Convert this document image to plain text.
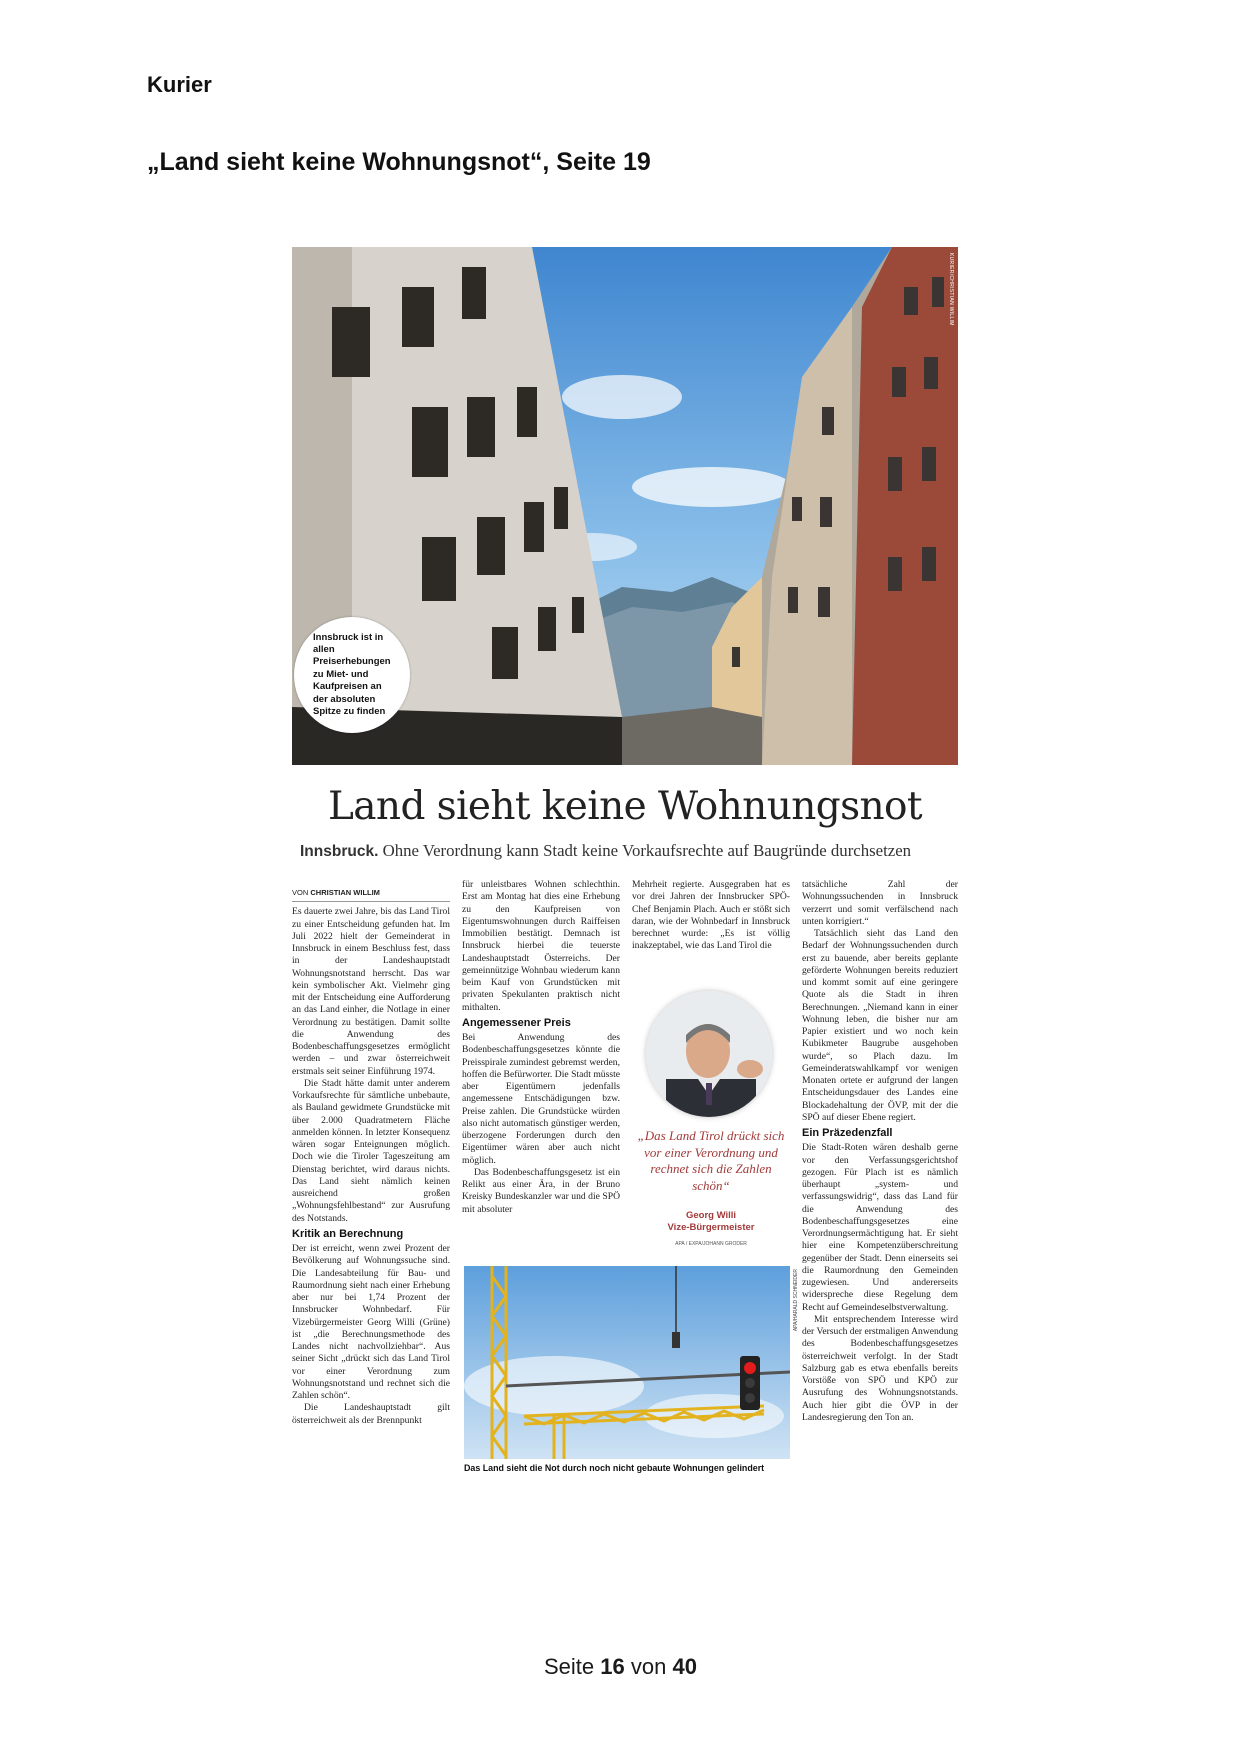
Kurier
„Land sieht keine Wohnungsnot“, Seite 19
KURIER/CHRISTIAN WILLIM
Innsbruck ist in allen Preiserhebungen zu Miet- und Kaufpreisen an der absoluten Spitze zu finden
Land sieht keine Wohnungsnot
Innsbruck. Ohne Verordnung kann Stadt keine Vorkaufsrechte auf Baugründe durchsetzen
VON CHRISTIAN WILLIM

Es dauerte zwei Jahre, bis das Land Tirol zu einer Entscheidung gefunden hat. Im Juli 2022 hielt der Gemeinderat in Innsbruck in einem Beschluss fest, dass in der Landeshauptstadt Wohnungsnotstand herrscht. Das war kein symbolischer Akt. Vielmehr ging mit der Entscheidung eine Aufforderung an das Land einher, die Notlage in einer Verordnung zu bestätigen. Damit sollte die Anwendung des Bodenbeschaffungsgesetzes ermöglicht werden – und zwar österreichweit erstmals seit seiner Einführung 1974.

Die Stadt hätte damit unter anderem Vorkaufsrechte für sämtliche unbebaute, als Bauland gewidmete Grundstücke mit über 2.000 Quadratmetern Fläche anmelden können. In letzter Konsequenz wären sogar Enteignungen möglich. Doch wie die Tiroler Tageszeitung am Dienstag berichtet, wird daraus nichts. Das Land sieht nämlich keinen ausreichend großen „Wohnungsfehlbestand“ zur Ausrufung des Notstands.

Kritik an Berechnung

Der ist erreicht, wenn zwei Prozent der Bevölkerung auf Wohnungssuche sind. Die Landesabteilung für Bau- und Raumordnung sieht nach einer Erhebung aber nur bei 1,74 Prozent der Innsbrucker Wohnbedarf. Für Vizebürgermeister Georg Willi (Grüne) ist „die Berechnungsmethode des Landes nicht nachvollziehbar“. Aus seiner Sicht „drückt sich das Land Tirol vor einer Verordnung zum Wohnungsnotstand und rechnet sich die Zahlen schön“.

Die Landeshauptstadt gilt österreichweit als der Brennpunkt

für unleistbares Wohnen schlechthin. Erst am Montag hat dies eine Erhebung zu den Kaufpreisen von Eigentumswohnungen durch Raiffeisen Immobilien bestätigt. Demnach ist Innsbruck hierbei die teuerste Landeshauptstadt Österreichs. Der gemeinnützige Wohnbau wiederum kann beim Kauf von Grundstücken mit privaten Spekulanten praktisch nicht mithalten.

Angemessener Preis

Bei Anwendung des Bodenbeschaffungsgesetzes könnte die Preisspirale zumindest gebremst werden, hoffen die Befürworter. Die Stadt müsste aber Eigentümern jedenfalls angemessene Entschädigungen bzw. Preise zahlen. Die Grundstücke würden also nicht automatisch günstiger werden, überzogene Forderungen durch den Eigentümer wären aber auch nicht möglich.

Das Bodenbeschaffungsgesetz ist ein Relikt aus einer Ära, in der Bruno Kreisky Bundeskanzler war und die SPÖ mit absoluter

Mehrheit regierte. Ausgegraben hat es vor drei Jahren der Innsbrucker SPÖ-Chef Benjamin Plach. Auch er stößt sich daran, wie der Wohnbedarf in Innsbruck berechnet wurde: „Es ist völlig inakzeptabel, wie das Land Tirol die

„Das Land Tirol drückt sich vor einer Verordnung und rechnet sich die Zahlen schön“
Georg Willi
Vize-Bürgermeister
APA / EXPA/JOHANN GRODER

tatsächliche Zahl der Wohnungssuchenden in Innsbruck verzerrt und somit verfälschend nach unten korrigiert.“

Tatsächlich sieht das Land den Bedarf der Wohnungssuchenden durch erst zu bauende, aber bereits geplante geförderte Wohnungen bereits reduziert und kommt somit auf eine geringere Quote als die Stadt in ihren Berechnungen. „Niemand kann in einer Wohnung leben, die bisher nur am Papier existiert und wo noch kein Kubikmeter Baugrube ausgehoben wurde“, so Plach dazu. Im Gemeinderatswahlkampf vor wenigen Monaten ortete er aufgrund der langen Entscheidungsdauer des Landes eine Blockadehaltung der ÖVP, mit der die SPÖ auf dieser Ebene regiert.

Ein Präzedenzfall

Die Stadt-Roten wären deshalb gerne vor den Verfassungsgerichtshof gezogen. Für Plach ist es nämlich überhaupt „system- und verfassungswidrig“, dass das Land für die Anwendung des Bodenbeschaffungsgesetzes eine Verordnungsermächtigung hat. Er sieht hier eine Kompetenzüberschreitung gegenüber der Stadt. Denn einerseits sei die Raumordnung den Gemeinden zugewiesen. Und andererseits widerspreche diese Regelung dem Recht auf Gemeindeselbstverwaltung.

Mit entsprechendem Interesse wird der Versuch der erstmaligen Anwendung des Bodenbeschaffungsgesetzes österreichweit verfolgt. In der Stadt Salzburg gab es etwa ebenfalls bereits Vorstöße von SPÖ und KPÖ zur Ausrufung des Wohnungsnotstands. Auch hier gibt die ÖVP in der Landesregierung den Ton an.

APA/HARALD SCHNEIDER
Das Land sieht die Not durch noch nicht gebaute Wohnungen gelindert
Seite 16 von 40
